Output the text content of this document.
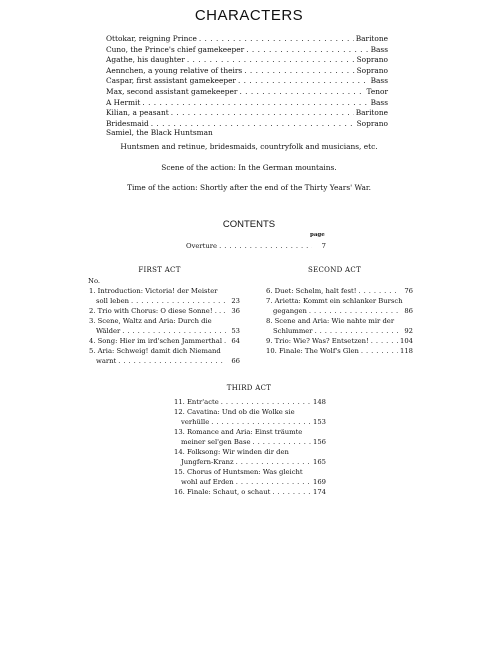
CHARACTERS
Ottokar, reigning Prince . . .	Baritone
Cuno, the Prince's chief gamekeeper . . .	Bass
Agathe, his daughter . . .	Soprano
Aennchen, a young relative of theirs . . .	Soprano
Caspar, first assistant gamekeeper . . .	Bass
Max, second assistant gamekeeper . . .	Tenor
A Hermit . . .	Bass
Kilian, a peasant . . .	Baritone
Bridesmaid . . .	Soprano
Samiel, the Black Huntsman
Huntsmen and retinue, bridesmaids, countryfolk and musicians, etc.
Scene of the action: In the German mountains.
Time of the action: Shortly after the end of the Thirty Years' War.
CONTENTS
page
Overture . . .	7
FIRST ACT	SECOND ACT
No.
1. Introduction: Victoria! der Meister
soll leben . . .	23
2. Trio with Chorus: O diese Sonne! . . . . .	36
3. Scene, Waltz and Aria: Durch die
Wälder . . .	53
4. Song: Hier im ird'schen Jammerthal . . .	64
5. Aria: Schweig! damit dich Niemand
warnt . . .	66
6. Duet: Schelm, halt fest! . . .	76
7. Arietta: Kommt ein schlanker Bursch
gegangen . . .	86
8. Scene and Aria: Wie nahte mir der
Schlummer . . .	92
9. Trio: Wie? Was? Entsetzen! . . .	104
10. Finale: The Wolf's Glen . . .	118
THIRD ACT
11. Entr'acte . . .	148
12. Cavatina: Und ob die Wolke sie
verhülle . . .	153
13. Romance and Aria: Einst träumte
meiner sel'gen Base . . .	156
14. Folksong: Wir winden dir den
Jungfern-Kranz . . .	165
15. Chorus of Huntsmen: Was gleicht
wohl auf Erden . . .	169
16. Finale: Schaut, o schaut . . .	174
